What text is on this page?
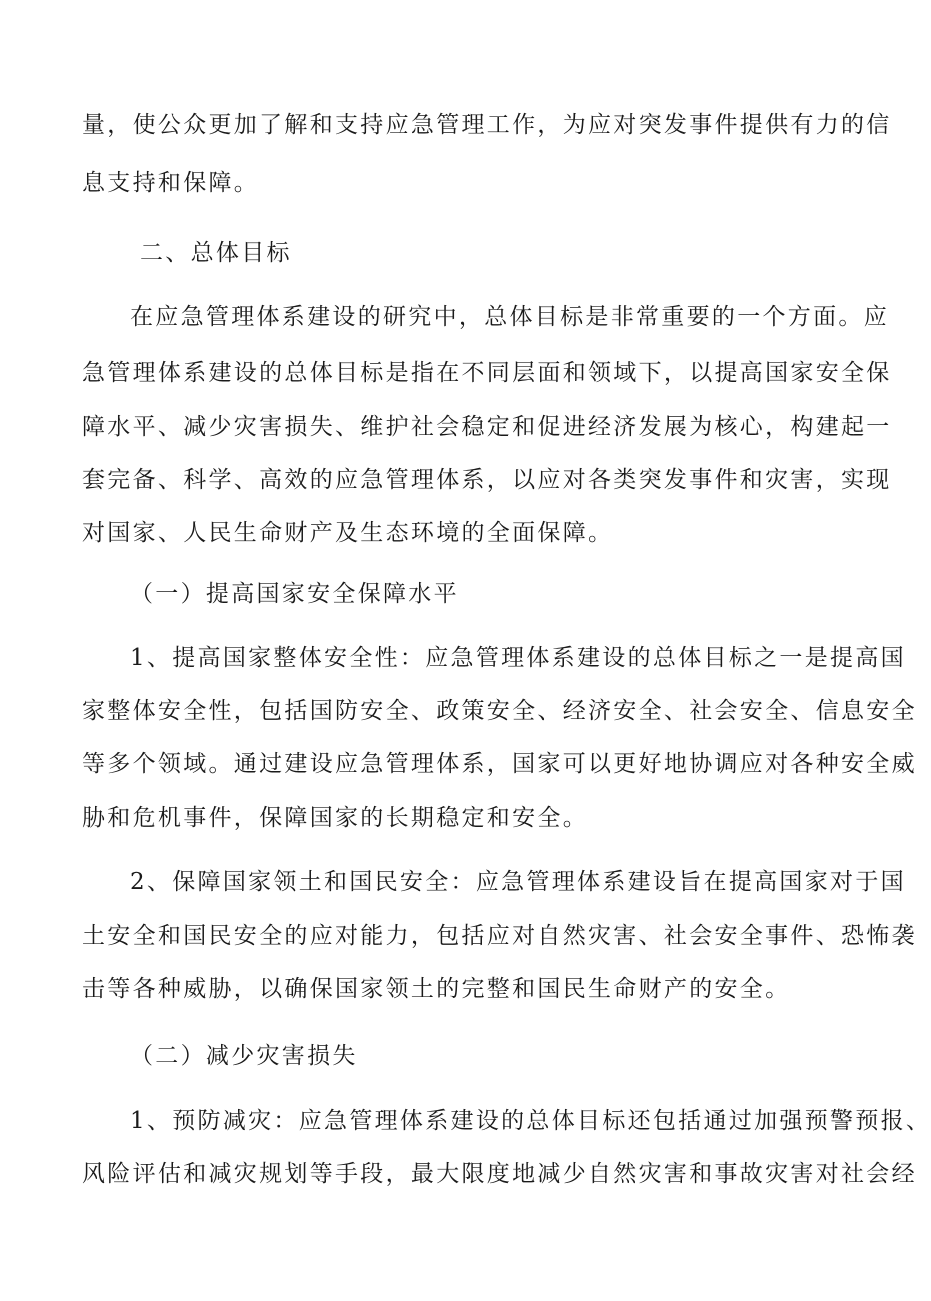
量，使公众更加了解和支持应急管理工作，为应对突发事件提供有力的信
息支持和保障。
二、总体目标
在应急管理体系建设的研究中，总体目标是非常重要的一个方面。应
急管理体系建设的总体目标是指在不同层面和领域下，以提高国家安全保
障水平、减少灾害损失、维护社会稳定和促进经济发展为核心，构建起一
套完备、科学、高效的应急管理体系，以应对各类突发事件和灾害，实现
对国家、人民生命财产及生态环境的全面保障。
（一）提高国家安全保障水平
1、提高国家整体安全性：应急管理体系建设的总体目标之一是提高国
家整体安全性，包括国防安全、政策安全、经济安全、社会安全、信息安全
等多个领域。通过建设应急管理体系，国家可以更好地协调应对各种安全威
胁和危机事件，保障国家的长期稳定和安全。
2、保障国家领土和国民安全：应急管理体系建设旨在提高国家对于国
土安全和国民安全的应对能力，包括应对自然灾害、社会安全事件、恐怖袭
击等各种威胁，以确保国家领土的完整和国民生命财产的安全。
（二）减少灾害损失
1、预防减灾：应急管理体系建设的总体目标还包括通过加强预警预报、
风险评估和减灾规划等手段，最大限度地减少自然灾害和事故灾害对社会经
